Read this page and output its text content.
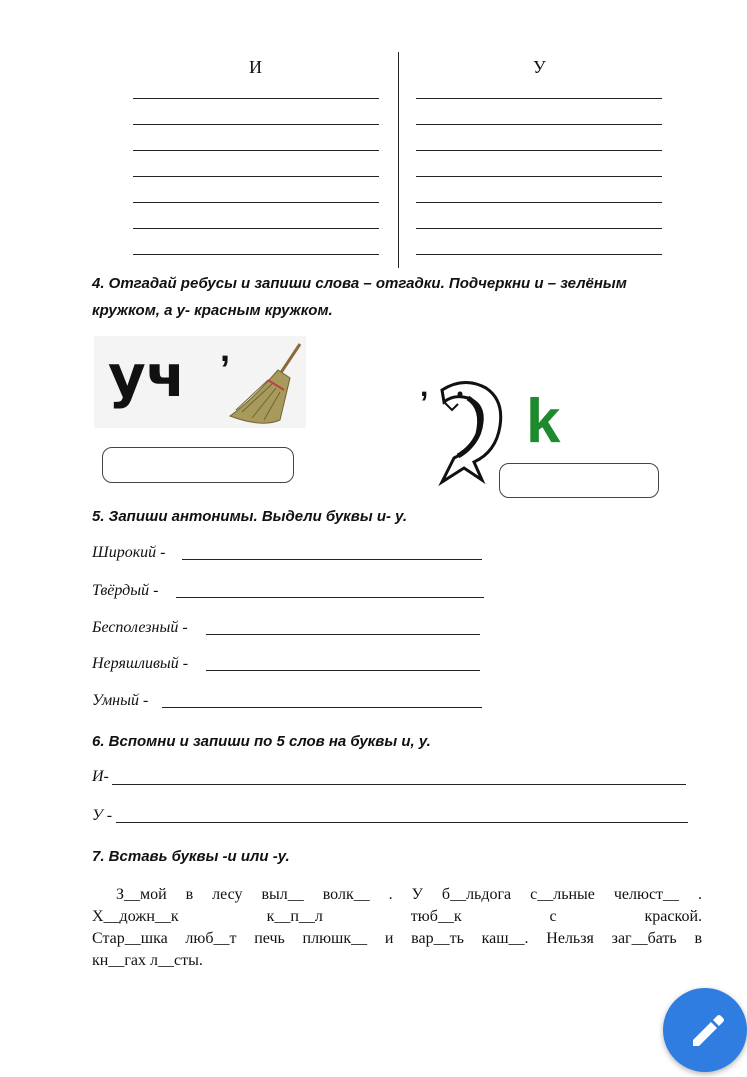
И	У
4. Отгадай ребусы и запиши слова – отгадки. Подчеркни и – зелёным
кружком, а у- красным кружком.
уч ,
,
k
5. Запиши антонимы. Выдели буквы и- у.
Широкий -
Твёрдый -
Бесполезный -
Неряшливый -
Умный -
6. Вспомни и запиши по 5 слов на буквы и, у.
И-
У -
7. Вставь буквы -и или -у.
З__мой в лесу выл__ волк__ . У б__льдога с__льные челюст__ .
Х__дожн__к к__п__л тюб__к с краской.
Стар__шка люб__т печь плюшк__ и вар__ть каш__. Нельзя заг__бать в
кн__гах л__сты.
